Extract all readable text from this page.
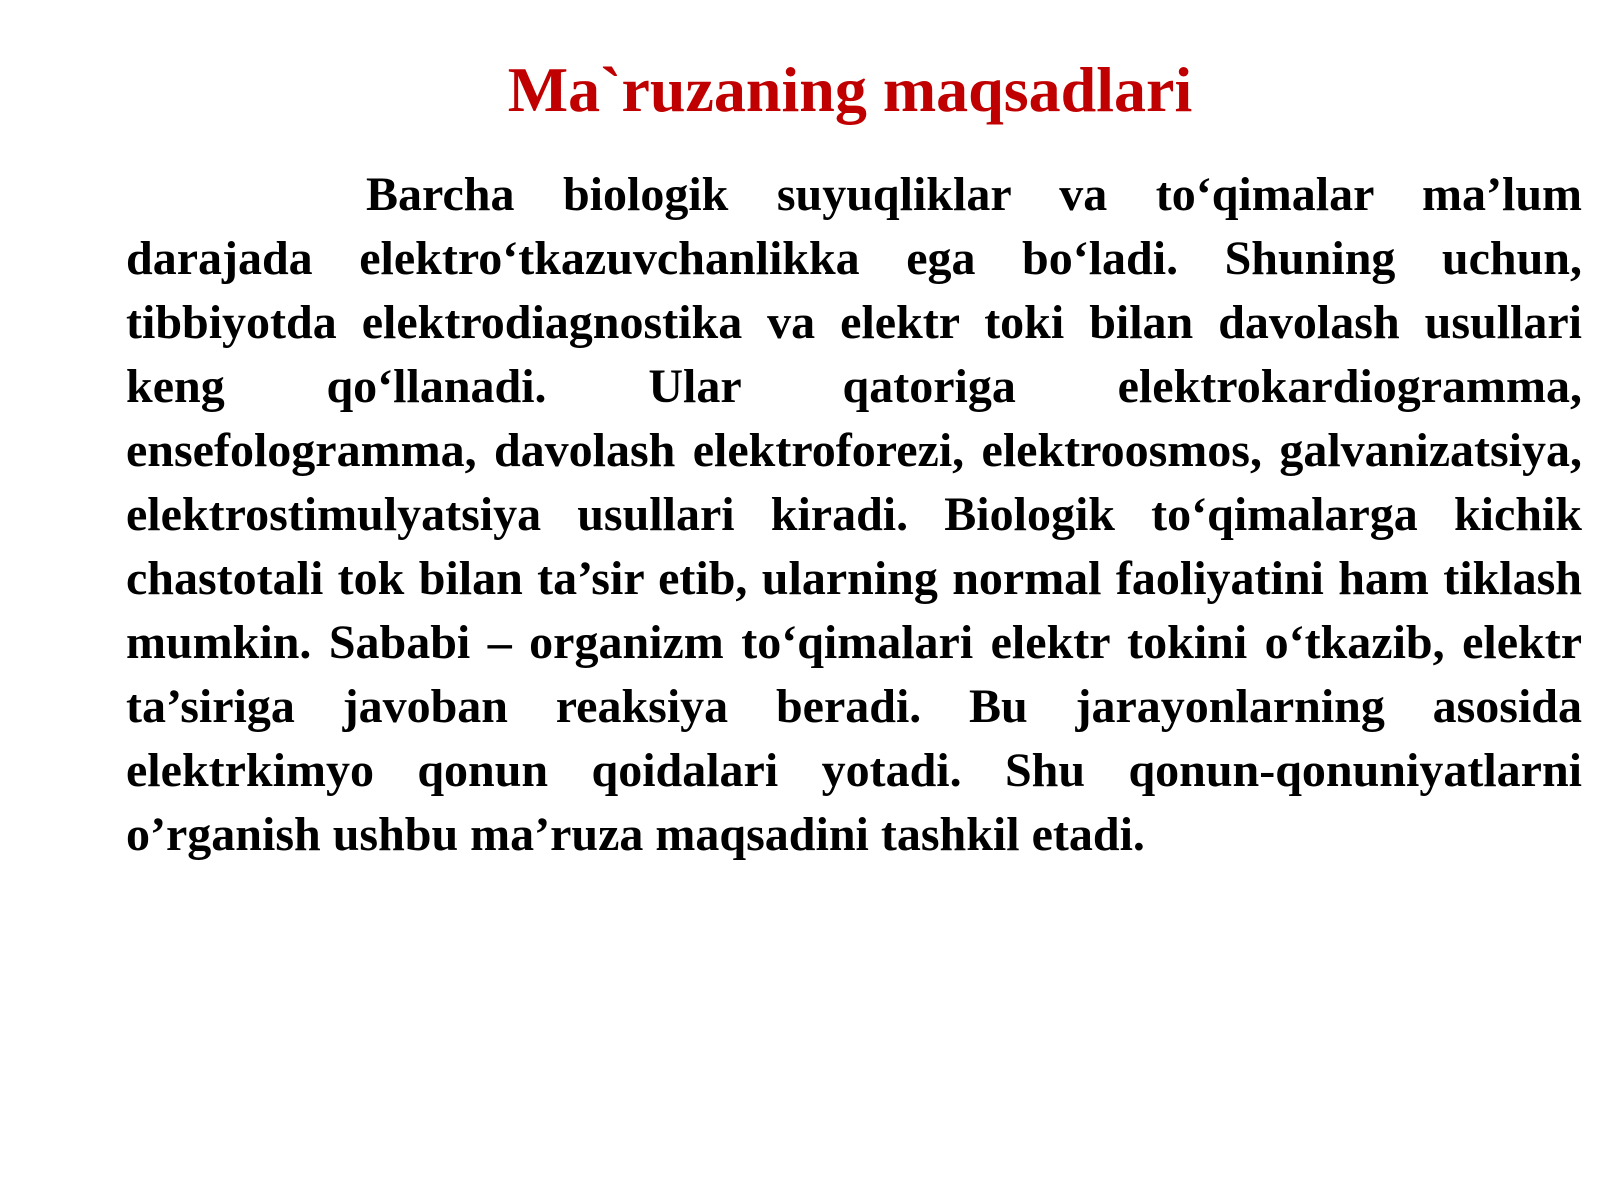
Ma`ruzaning maqsadlari

Barcha biologik suyuqliklar va to‘qimalar ma’lum darajada elektro‘tkazuvchanlikka ega bo‘ladi. Shuning uchun, tibbiyotda elektrodiagnostika va elektr toki bilan davolash usullari keng qo‘llanadi. Ular qatoriga elektrokardiogramma, ensefologramma, davolash elektroforezi, elektroosmos, galvanizatsiya, elektrostimulyatsiya usullari kiradi. Biologik to‘qimalarga kichik chastotali tok bilan ta’sir etib, ularning normal faoliyatini ham tiklash mumkin. Sababi – organizm to‘qimalari elektr tokini o‘tkazib, elektr ta’siriga javoban reaksiya beradi. Bu jarayonlarning asosida elektrkimyo qonun qoidalari yotadi. Shu qonun-qonuniyatlarni o’rganish ushbu ma’ruza maqsadini tashkil etadi.
